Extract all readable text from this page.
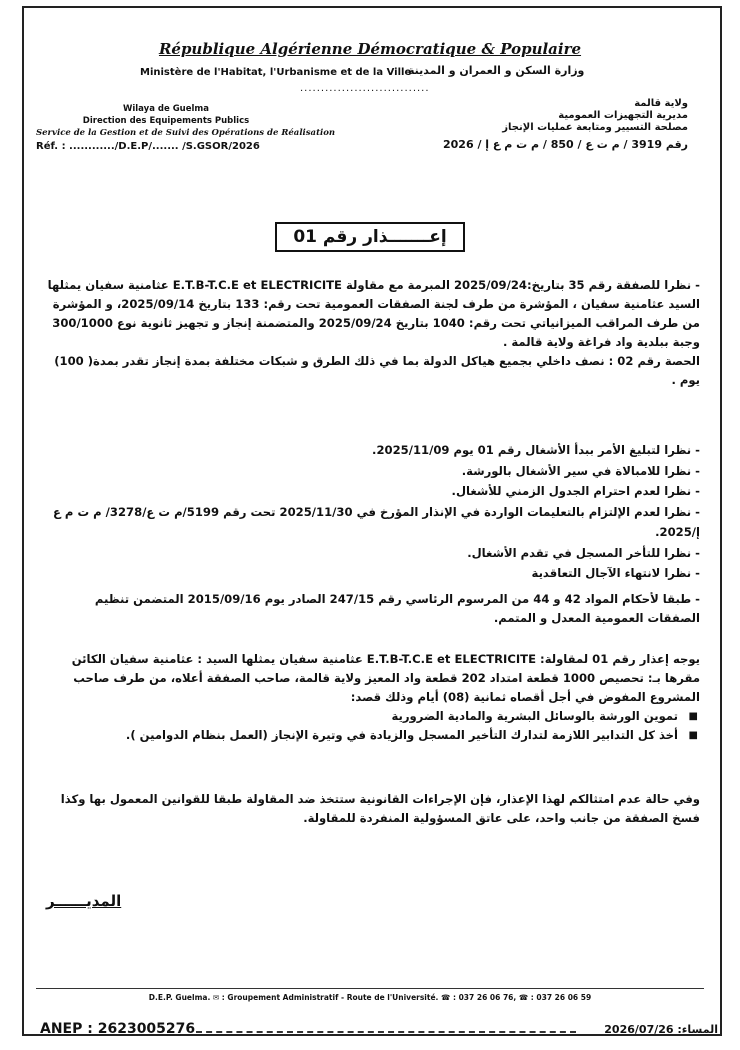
République Algérienne Démocratique & Populaire
Ministère de l'Habitat, l'Urbanisme et de la Ville
وزارة السكن و العمران و المدينة
...............................
Wilaya de Guelma
Direction des Equipements Publics
Service de la Gestion et de Suivi des Opérations de Réalisation
ولاية قالمة
مديرية التجهيزات العمومية
مصلحة التسيير ومتابعة عمليات الإنجاز
Réf. : ............/D.E.P/....... /S.GSOR/2026	رقم 3919 / م ت ع / 850 / م ت م ع إ / 2026
إعـــــــذار رقم 01

- نظرا للصفقة رقم 35 بتاريخ:2025/09/24 المبرمة مع مقاولة E.T.B-T.C.E et ELECTRICITE عثامنية سفيان يمثلها السيد عثامنية سفيان ، المؤشرة من طرف لجنة الصفقات العمومية تحت رقم: 133 بتاريخ 2025/09/14، و المؤشرة من طرف المراقب الميزانياتي تحت رقم: 1040 بتاريخ 2025/09/24 والمتضمنة إنجاز و تجهيز ثانوية نوع 300/1000 وجبة ببلدية واد فراغة ولاية قالمة .

الحصة رقم 02 : نصف داخلي بجميع هياكل الدولة بما في ذلك الطرق و شبكات مختلفة بمدة إنجاز تقدر بمدة( 100) يوم .

- نظرا لتبليغ الأمر ببدأ الأشغال رقم 01 يوم 2025/11/09.

- نظرا للامبالاة في سير الأشغال بالورشة.

- نظرا لعدم احترام الجدول الزمني للأشغال.

- نظرا لعدم الإلتزام بالتعليمات الواردة في الإنذار المؤرخ في 2025/11/30 تحت رقم 5199/م ت ع/3278/ م ت م ع إ/2025.

- نظرا للتأخر المسجل في تقدم الأشغال.

- نظرا لانتهاء الآجال التعاقدية

- طبقا لأحكام المواد 42 و 44 من المرسوم الرئاسي رقم 247/15 الصادر يوم 2015/09/16 المتضمن تنظيم الصفقات العمومية المعدل و المتمم.

يوجه إعذار رقم 01 لمقاولة: E.T.B-T.C.E et ELECTRICITE عثامنية سفيان يمثلها السيد : عثامنية سفيان الكائن مقرها بـ: تحصيص 1000 قطعة امتداد 202 قطعة واد المعيز ولاية قالمة، صاحب الصفقة أعلاه، من طرف صاحب المشروع المفوض في أجل أقصاه ثمانية (08) أيام وذلك قصد:

■ تموين الورشة بالوسائل البشرية والمادية الضرورية

■ أخذ كل التدابير اللازمة لتدارك التأخير المسجل والزيادة في وتيرة الإنجاز (العمل بنظام الدوامين ).

وفي حالة عدم امتثالكم لهذا الإعذار، فإن الإجراءات القانونية ستتخذ ضد المقاولة طبقا للقوانين المعمول بها وكذا فسخ الصفقة من جانب واحد، على عاتق المسؤولية المنفردة للمقاولة.
المديــــــر
D.E.P. Guelma. ✉ : Groupement Administratif - Route de l'Université. ☎ : 037 26 06 76, ☎ : 037 26 06 59
ANEP : 2623005276	المساء: 2026/07/26
